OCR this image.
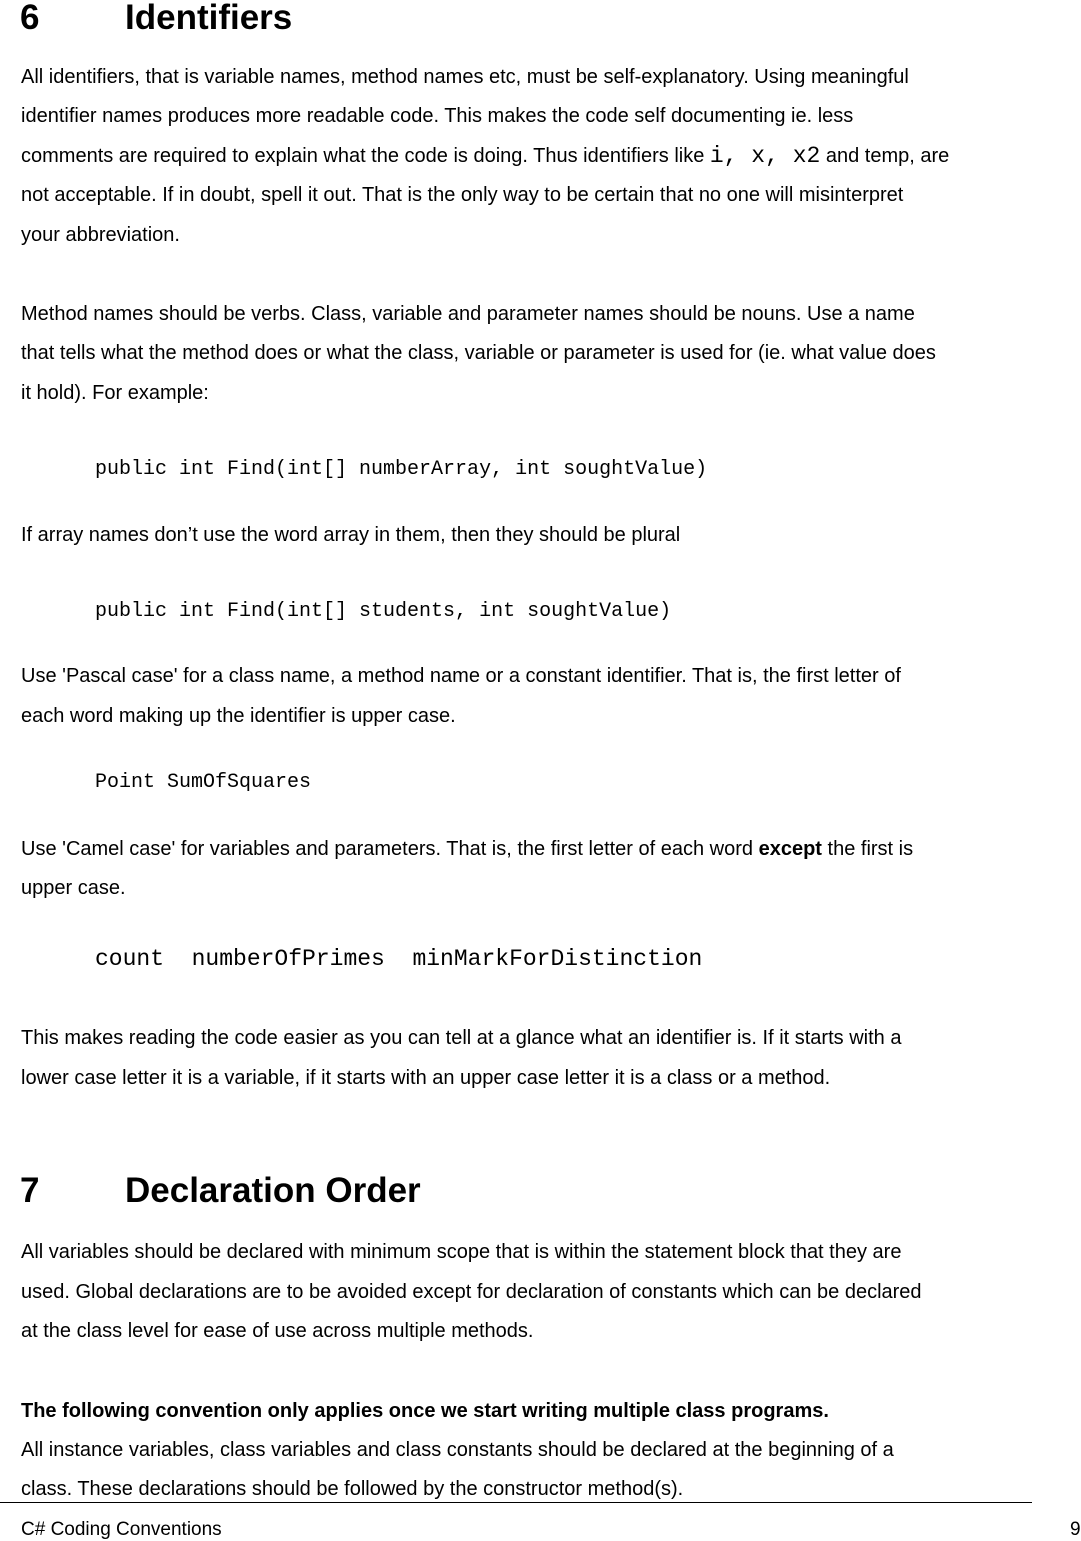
6 Identifiers
All identifiers, that is variable names, method names etc, must be self-explanatory. Using meaningful
identifier names produces more readable code. This makes the code self documenting ie. less
comments are required to explain what the code is doing. Thus identifiers like i, x, x2 and temp, are
not acceptable. If in doubt, spell it out. That is the only way to be certain that no one will misinterpret
your abbreviation.
Method names should be verbs. Class, variable and parameter names should be nouns. Use a name
that tells what the method does or what the class, variable or parameter is used for (ie. what value does
it hold). For example:
public int Find(int[] numberArray, int soughtValue)
If array names don’t use the word array in them, then they should be plural
public int Find(int[] students, int soughtValue)
Use 'Pascal case' for a class name, a method name or a constant identifier. That is, the first letter of
each word making up the identifier is upper case.
Point SumOfSquares
Use 'Camel case' for variables and parameters. That is, the first letter of each word except the first is
upper case.
count  numberOfPrimes  minMarkForDistinction
This makes reading the code easier as you can tell at a glance what an identifier is. If it starts with a
lower case letter it is a variable, if it starts with an upper case letter it is a class or a method.
7 Declaration Order
All variables should be declared with minimum scope that is within the statement block that they are
used. Global declarations are to be avoided except for declaration of constants which can be declared
at the class level for ease of use across multiple methods.
The following convention only applies once we start writing multiple class programs.
All instance variables, class variables and class constants should be declared at the beginning of a
class. These declarations should be followed by the constructor method(s).
C# Coding Conventions	9
